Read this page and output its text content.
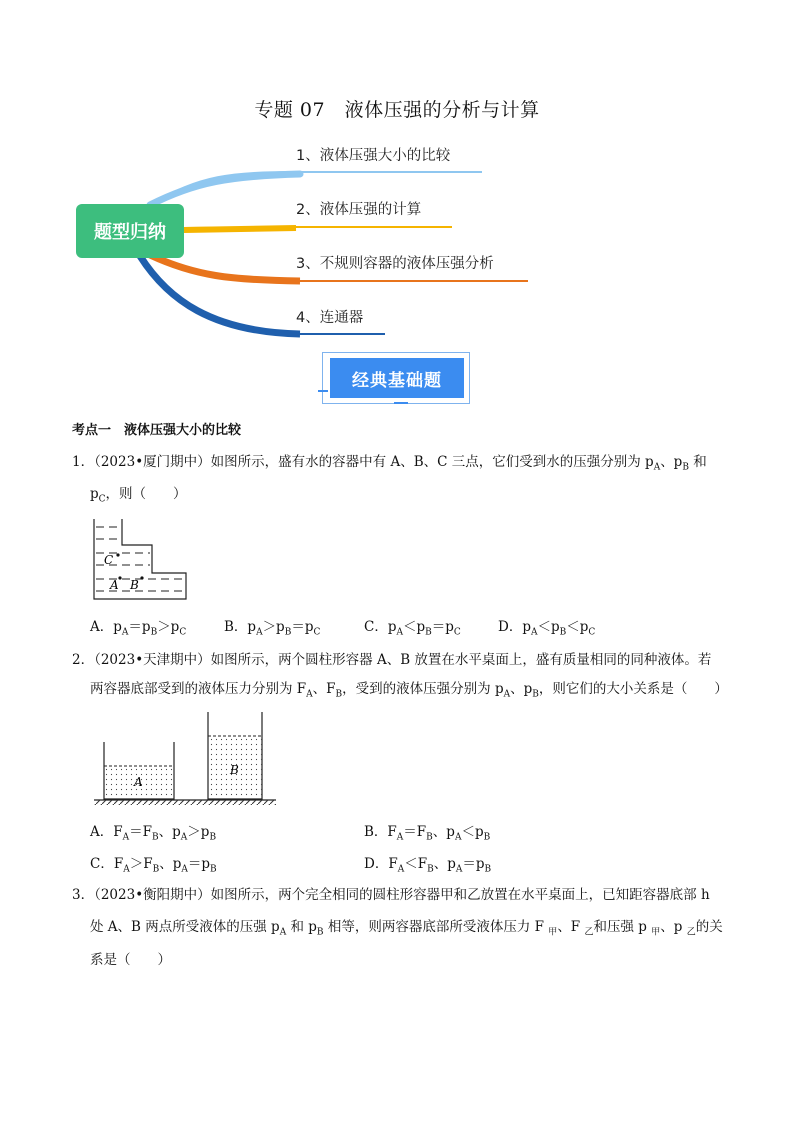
专题 07　液体压强的分析与计算
题型归纳
1、液体压强大小的比较
2、液体压强的计算
3、不规则容器的液体压强分析
4、连通器
经典基础题
考点一　液体压强大小的比较
1．（2023•厦门期中）如图所示，盛有水的容器中有 A、B、C 三点，它们受到水的压强分别为 $p_A$、$p_B$ 和
$p_C$，则（　　）
C
A B
A．$p_A=p_B>p_C$	B．$p_A>p_B=p_C$	C．$p_A<p_B=p_C$	D．$p_A<p_B<p_C$
2．（2023•天津期中）如图所示，两个圆柱形容器 A、B 放置在水平桌面上，盛有质量相同的同种液体。若
两容器底部受到的液体压力分别为 $F_A$、$F_B$，受到的液体压强分别为 $p_A$、$p_B$，则它们的大小关系是（　　）
A
B
A．$F_A=F_B$、$p_A>p_B$	B．$F_A=F_B$、$p_A<p_B$
C．$F_A>F_B$、$p_A=p_B$	D．$F_A<F_B$、$p_A=p_B$
3．（2023•衡阳期中）如图所示，两个完全相同的圆柱形容器甲和乙放置在水平桌面上，已知距容器底部 h
处 A、B 两点所受液体的压强 $p_A$ 和 $p_B$ 相等，则两容器底部所受液体压力 F $_甲$、F $_乙$和压强 p $_甲$、p $_乙$的关
系是（　　）
